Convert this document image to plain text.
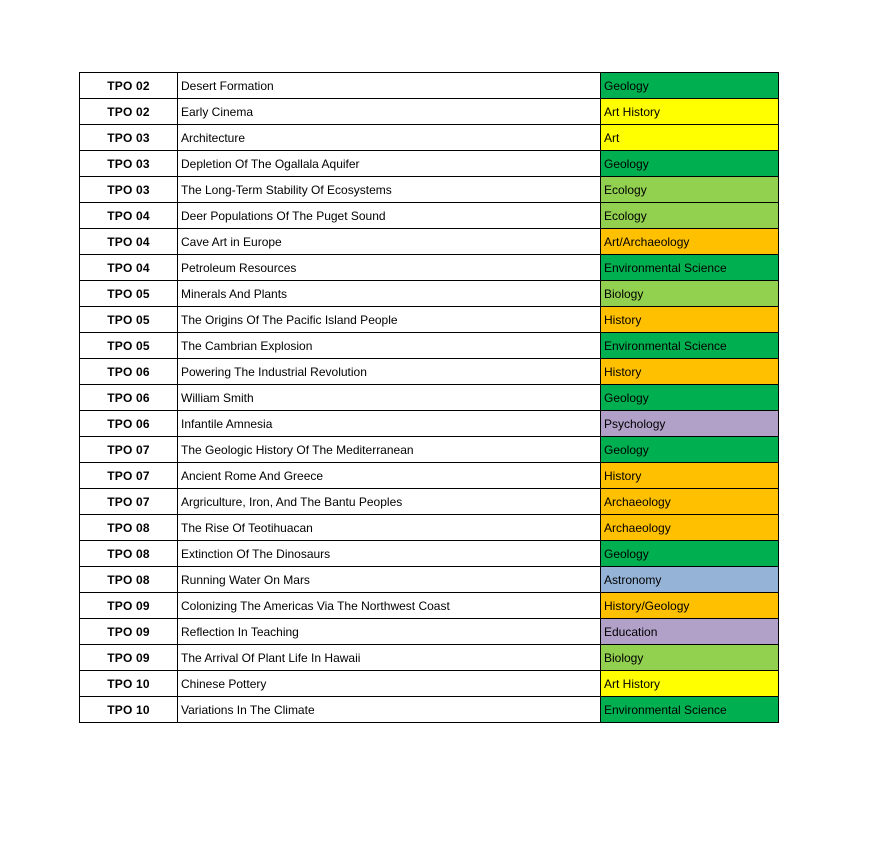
TPO 02	Desert Formation	Geology
TPO 02	Early Cinema	Art History
TPO 03	Architecture	Art
TPO 03	Depletion Of The Ogallala Aquifer	Geology
TPO 03	The Long-Term Stability Of Ecosystems	Ecology
TPO 04	Deer Populations Of The Puget Sound	Ecology
TPO 04	Cave Art in Europe	Art/Archaeology
TPO 04	Petroleum Resources	Environmental Science
TPO 05	Minerals And Plants	Biology
TPO 05	The Origins Of The Pacific Island People	History
TPO 05	The Cambrian Explosion	Environmental Science
TPO 06	Powering The Industrial Revolution	History
TPO 06	William Smith	Geology
TPO 06	Infantile Amnesia	Psychology
TPO 07	The Geologic History Of The Mediterranean	Geology
TPO 07	Ancient Rome And Greece	History
TPO 07	Argriculture, Iron, And The Bantu Peoples	Archaeology
TPO 08	The Rise Of Teotihuacan	Archaeology
TPO 08	Extinction Of The Dinosaurs	Geology
TPO 08	Running Water On Mars	Astronomy
TPO 09	Colonizing The Americas Via The Northwest Coast	History/Geology
TPO 09	Reflection In Teaching	Education
TPO 09	The Arrival Of Plant Life In Hawaii	Biology
TPO 10	Chinese Pottery	Art History
TPO 10	Variations In The Climate	Environmental Science
